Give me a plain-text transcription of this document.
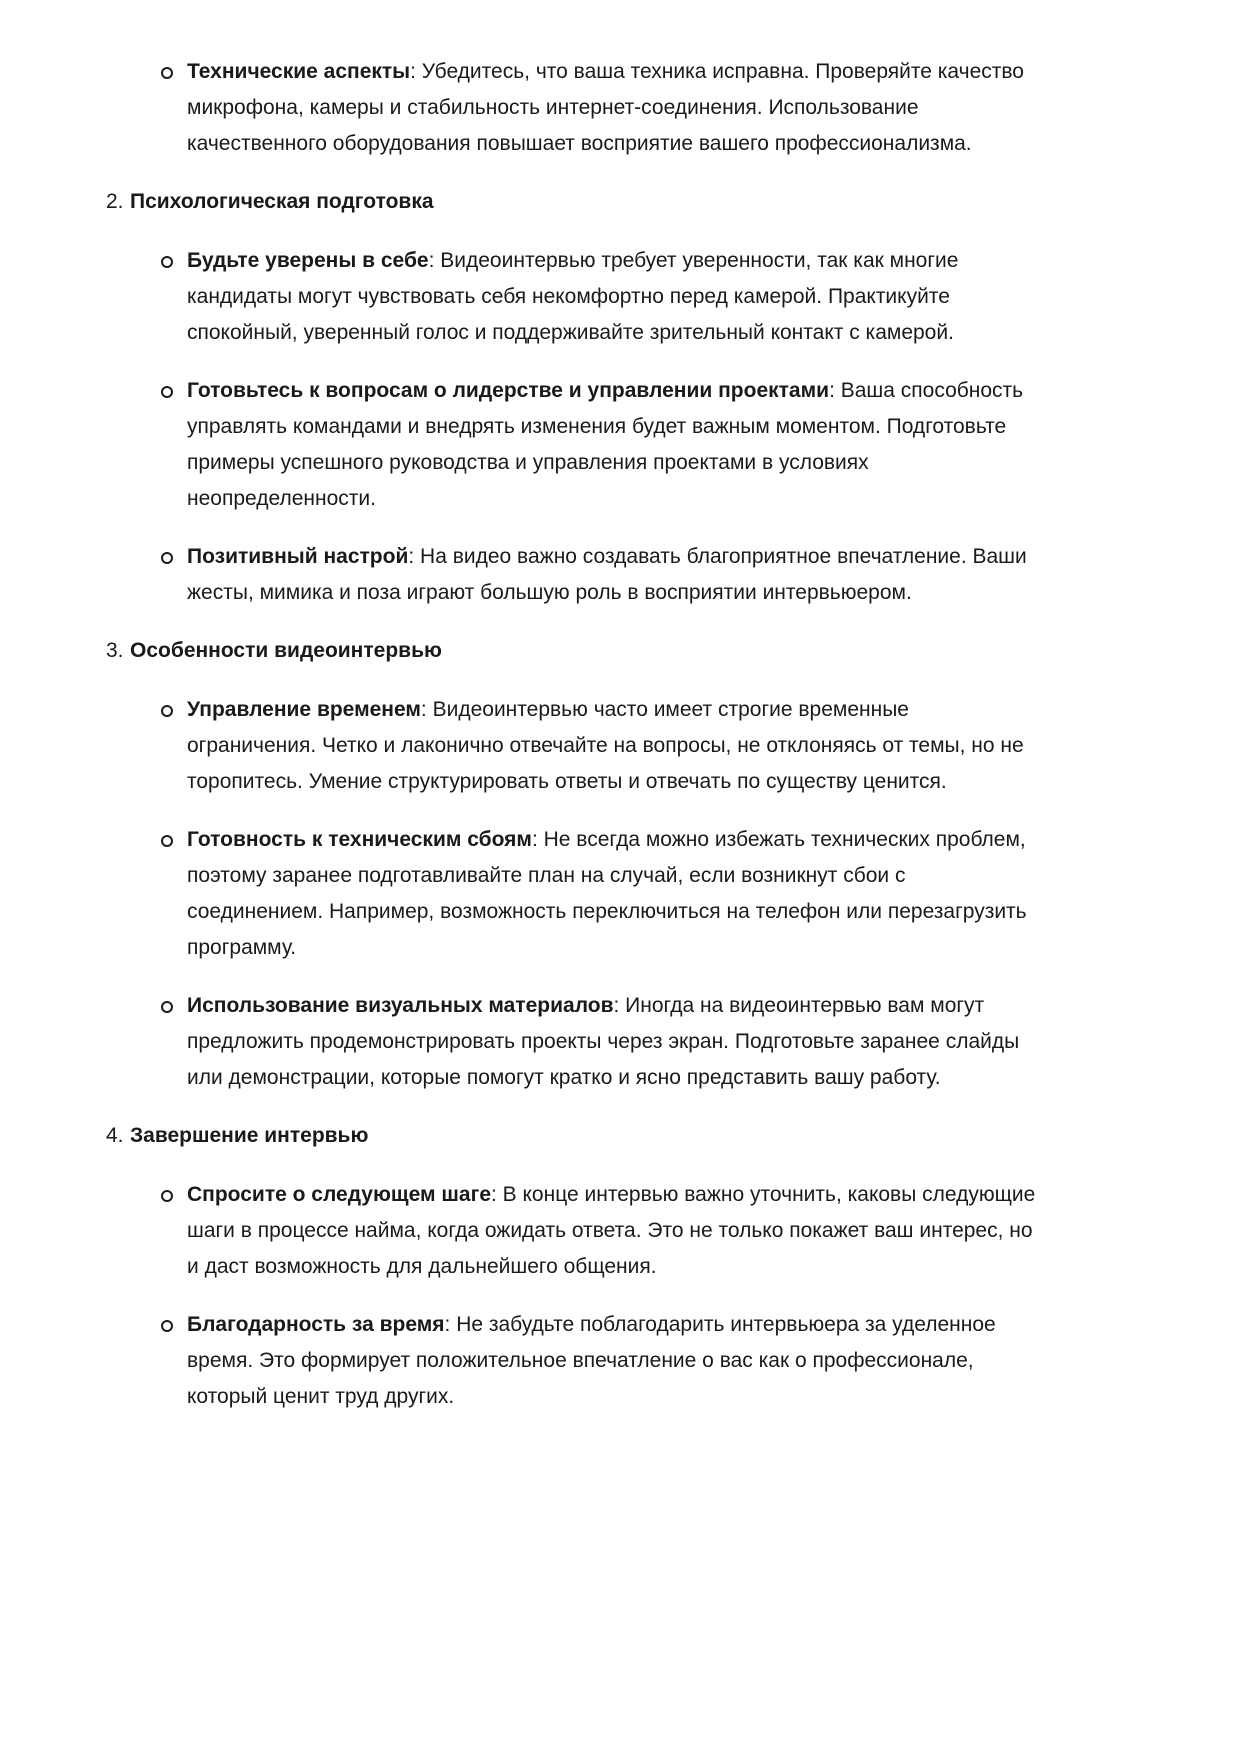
Технические аспекты: Убедитесь, что ваша техника исправна. Проверяйте качество микрофона, камеры и стабильность интернет-соединения. Использование качественного оборудования повышает восприятие вашего профессионализма.
2. Психологическая подготовка
Будьте уверены в себе: Видеоинтервью требует уверенности, так как многие кандидаты могут чувствовать себя некомфортно перед камерой. Практикуйте спокойный, уверенный голос и поддерживайте зрительный контакт с камерой.
Готовьтесь к вопросам о лидерстве и управлении проектами: Ваша способность управлять командами и внедрять изменения будет важным моментом. Подготовьте примеры успешного руководства и управления проектами в условиях неопределенности.
Позитивный настрой: На видео важно создавать благоприятное впечатление. Ваши жесты, мимика и поза играют большую роль в восприятии интервьюером.
3. Особенности видеоинтервью
Управление временем: Видеоинтервью часто имеет строгие временные ограничения. Четко и лаконично отвечайте на вопросы, не отклоняясь от темы, но не торопитесь. Умение структурировать ответы и отвечать по существу ценится.
Готовность к техническим сбоям: Не всегда можно избежать технических проблем, поэтому заранее подготавливайте план на случай, если возникнут сбои с соединением. Например, возможность переключиться на телефон или перезагрузить программу.
Использование визуальных материалов: Иногда на видеоинтервью вам могут предложить продемонстрировать проекты через экран. Подготовьте заранее слайды или демонстрации, которые помогут кратко и ясно представить вашу работу.
4. Завершение интервью
Спросите о следующем шаге: В конце интервью важно уточнить, каковы следующие шаги в процессе найма, когда ожидать ответа. Это не только покажет ваш интерес, но и даст возможность для дальнейшего общения.
Благодарность за время: Не забудьте поблагодарить интервьюера за уделенное время. Это формирует положительное впечатление о вас как о профессионале, который ценит труд других.
